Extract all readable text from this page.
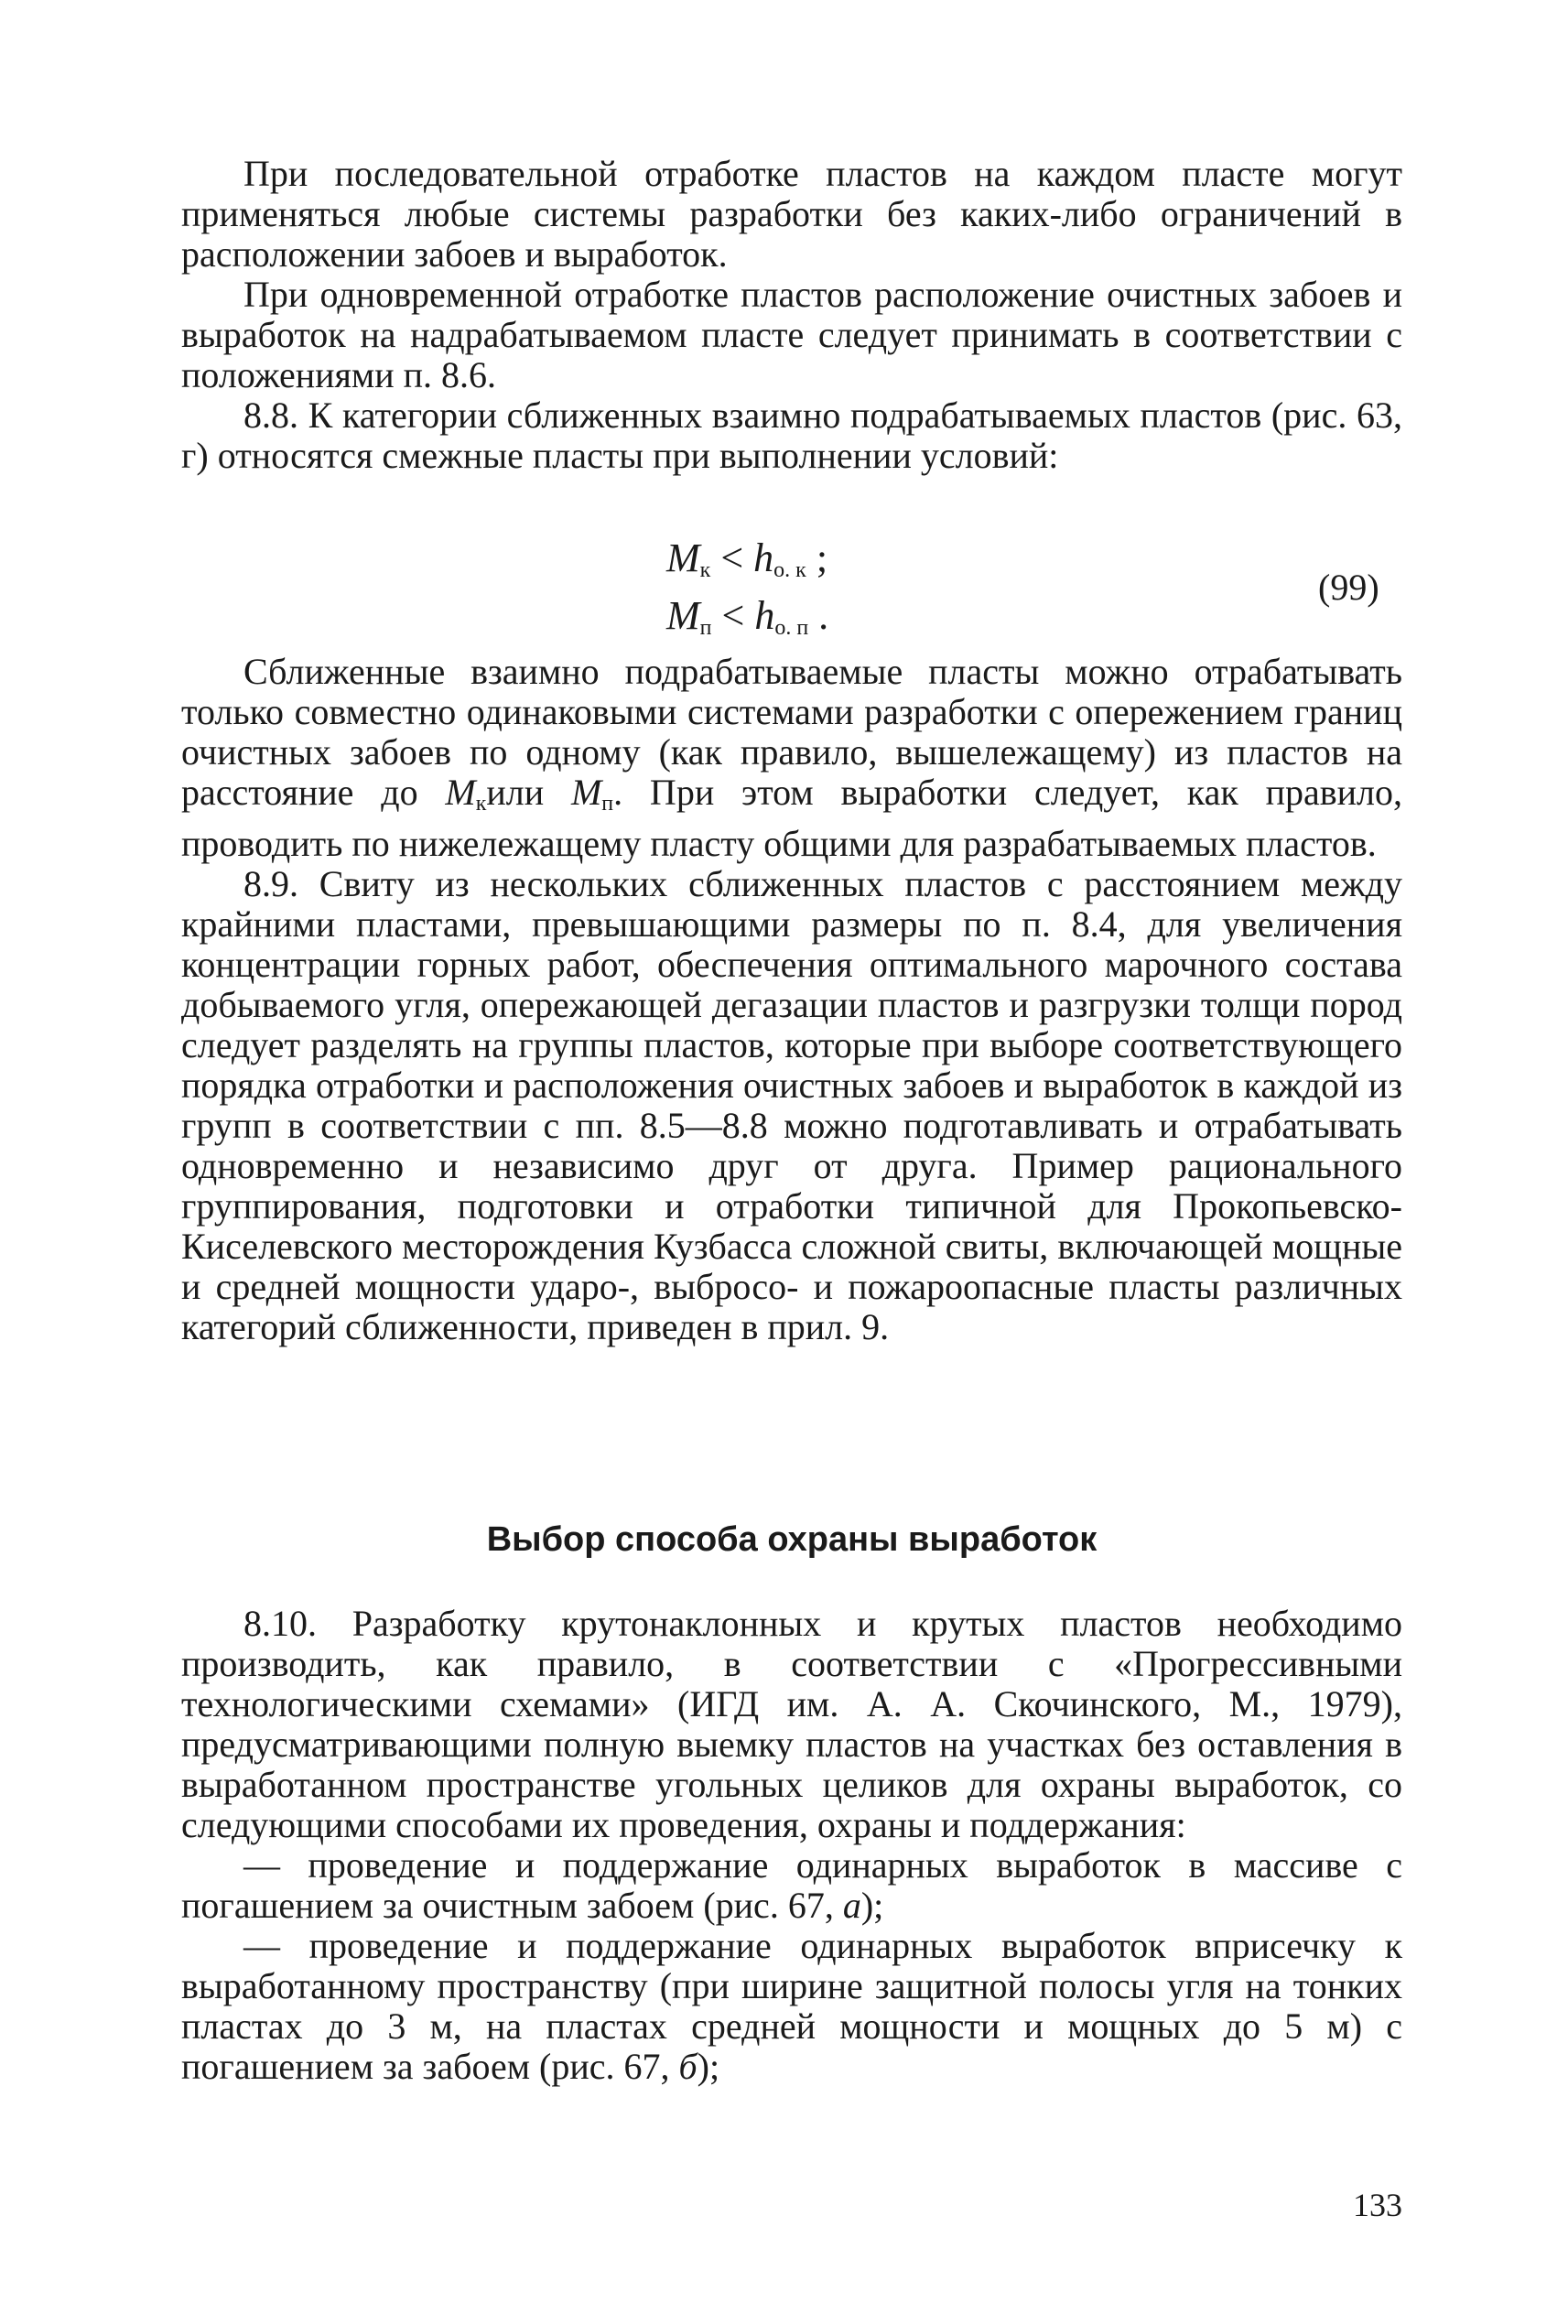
При последовательной отработке пластов на каждом пласте могут применяться любые системы разработки без каких-либо ограничений в расположении забоев и выработок.

При одновременной отработке пластов расположение очистных забоев и выработок на надрабатываемом пласте следует принимать в соответствии с положениями п. 8.6.

8.8. К категории сближенных взаимно подрабатываемых пластов (рис. 63, г) относятся смежные пласты при выполнении условий:

$M_к < h_{о. к}$ ;
$M_п < h_{о. п}$ .
(99)

Сближенные взаимно подрабатываемые пласты можно отрабатывать только совместно одинаковыми системами разработки с опережением границ очистных забоев по одному (как правило, вышележащему) из пластов на расстояние до $M_кили$ $M_п$. При этом выработки следует, как правило, проводить по нижележащему пласту общими для разрабатываемых пластов.

8.9. Свиту из нескольких сближенных пластов с расстоянием между крайними пластами, превышающими размеры по п. 8.4, для увеличения концентрации горных работ, обеспечения оптимального марочного состава добываемого угля, опережающей дегазации пластов и разгрузки толщи пород следует разделять на группы пластов, которые при выборе соответствующего порядка отработки и расположения очистных забоев и выработок в каждой из групп в соответствии с пп. 8.5—8.8 можно подготавливать и отрабатывать одновременно и независимо друг от друга. Пример рационального группирования, подготовки и отработки типичной для Прокопьевско-Киселевского месторождения Кузбасса сложной свиты, включающей мощные и средней мощности ударо-, выбросо- и пожароопасные пласты различных категорий сближенности, приведен в прил. 9.

Выбор способа охраны выработок

8.10. Разработку крутонаклонных и крутых пластов необходимо производить, как правило, в соответствии с «Прогрессивными технологическими схемами» (ИГД им. А. А. Скочинского, М., 1979), предусматривающими полную выемку пластов на участках без оставления в выработанном пространстве угольных целиков для охраны выработок, со следующими способами их проведения, охраны и поддержания:

— проведение и поддержание одинарных выработок в массиве с погашением за очистным забоем (рис. 67, а);

— проведение и поддержание одинарных выработок вприсечку к выработанному пространству (при ширине защитной полосы угля на тонких пластах до 3 м, на пластах средней мощности и мощных до 5 м) с погашением за забоем (рис. 67, б);

133
